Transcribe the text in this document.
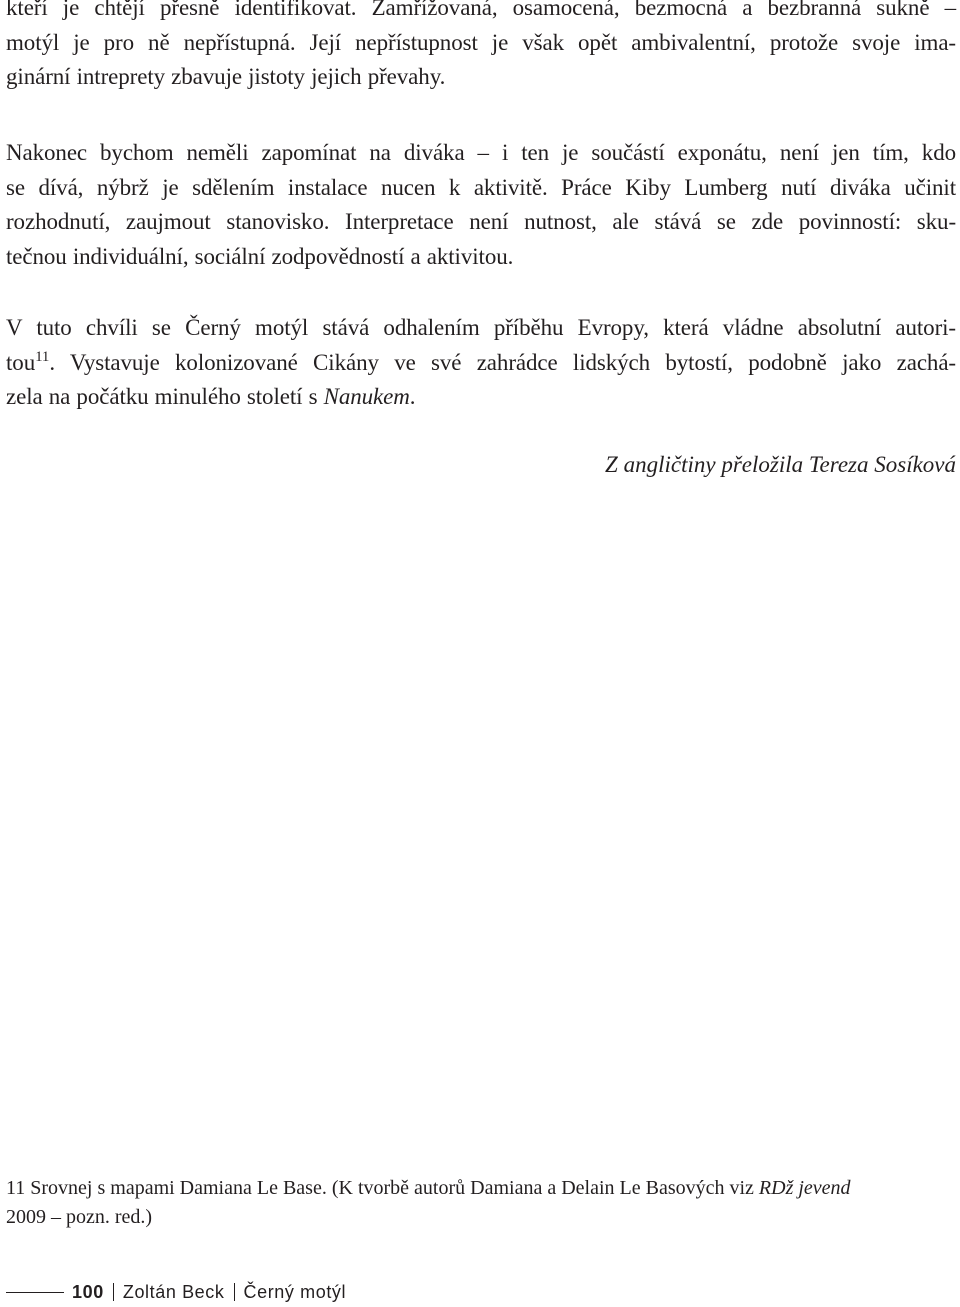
kteří je chtějí přesně identifikovat. Zamřížovaná, osamocená, bezmocná a bezbranná sukně –
motýl je pro ně nepřístupná. Její nepřístupnost je však opět ambivalentní, protože svoje ima-
ginární intreprety zbavuje jistoty jejich převahy.

Nakonec bychom neměli zapomínat na diváka – i ten je součástí exponátu, není jen tím, kdo
se dívá, nýbrž je sdělením instalace nucen k aktivitě. Práce Kiby Lumberg nutí diváka učinit
rozhodnutí, zaujmout stanovisko. Interpretace není nutnost, ale stává se zde povinností: sku-
tečnou individuální, sociální zodpovědností a aktivitou.

V tuto chvíli se Černý motýl stává odhalením příběhu Evropy, která vládne absolutní autori-
tou$^{11}$. Vystavuje kolonizované Cikány ve své zahrádce lidských bytostí, podobně jako zachá-
zela na počátku minulého století s Nanukem.

Z angličtiny přeložila Tereza Sosíková

11 Srovnej s mapami Damiana Le Base. (K tvorbě autorů Damiana a Delain Le Basových viz RDž jevend
2009 – pozn. red.)

100 Zoltán Beck Černý motýl
